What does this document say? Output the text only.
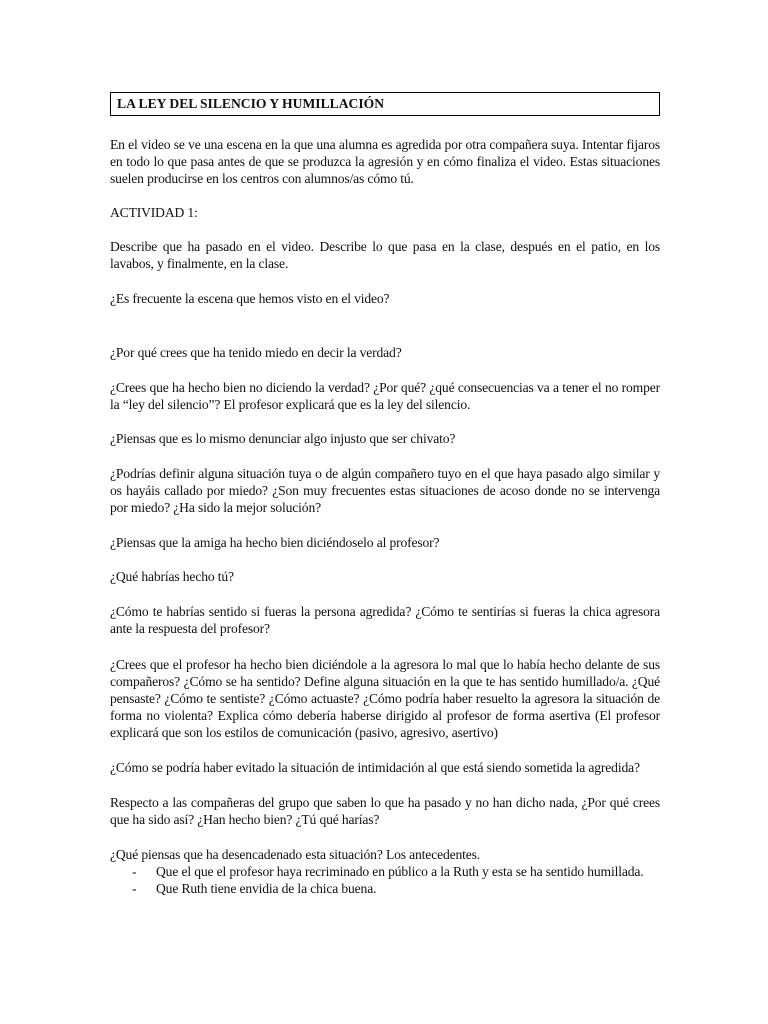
LA LEY DEL SILENCIO Y HUMILLACIÓN

En el video se ve una escena en la que una alumna es agredida por otra compañera suya. Intentar fijaros en todo lo que pasa antes de que se produzca la agresión y en cómo finaliza el video. Estas situaciones suelen producirse en los centros con alumnos/as cómo tú.

ACTIVIDAD 1:

Describe que ha pasado en el video. Describe lo que pasa en la clase, después en el patio, en los lavabos, y finalmente, en la clase.

¿Es frecuente la escena que hemos visto en el video?

¿Por qué crees que ha tenido miedo en decir la verdad?

¿Crees que ha hecho bien no diciendo la verdad? ¿Por qué? ¿qué consecuencias va a tener el no romper la “ley del silencio”? El profesor explicará que es la ley del silencio.

¿Piensas que es lo mismo denunciar algo injusto que ser chivato?

¿Podrías definir alguna situación tuya o de algún compañero tuyo en el que haya pasado algo similar y os hayáis callado por miedo? ¿Son muy frecuentes estas situaciones de acoso donde no se intervenga por miedo? ¿Ha sido la mejor solución?

¿Piensas que la amiga ha hecho bien diciéndoselo al profesor?

¿Qué habrías hecho tú?

¿Cómo te habrías sentido si fueras la persona agredida? ¿Cómo te sentirías si fueras la chica agresora ante la respuesta del profesor?

¿Crees que el profesor ha hecho bien diciéndole a la agresora lo mal que lo había hecho delante de sus compañeros? ¿Cómo se ha sentido? Define alguna situación en la que te has sentido humillado/a. ¿Qué pensaste? ¿Cómo te sentiste? ¿Cómo actuaste? ¿Cómo podría haber resuelto la agresora la situación de forma no violenta? Explica cómo debería haberse dirigido al profesor de forma asertiva (El profesor explicará que son los estilos de comunicación (pasivo, agresivo, asertivo)

¿Cómo se podría haber evitado la situación de intimidación al que está siendo sometida la agredida?

Respecto a las compañeras del grupo que saben lo que ha pasado y no han dicho nada, ¿Por qué crees que ha sido así? ¿Han hecho bien? ¿Tú qué harías?

¿Qué piensas que ha desencadenado esta situación? Los antecedentes.

- Que el que el profesor haya recriminado en público a la Ruth y esta se ha sentido humillada.
- Que Ruth tiene envidia de la chica buena.
